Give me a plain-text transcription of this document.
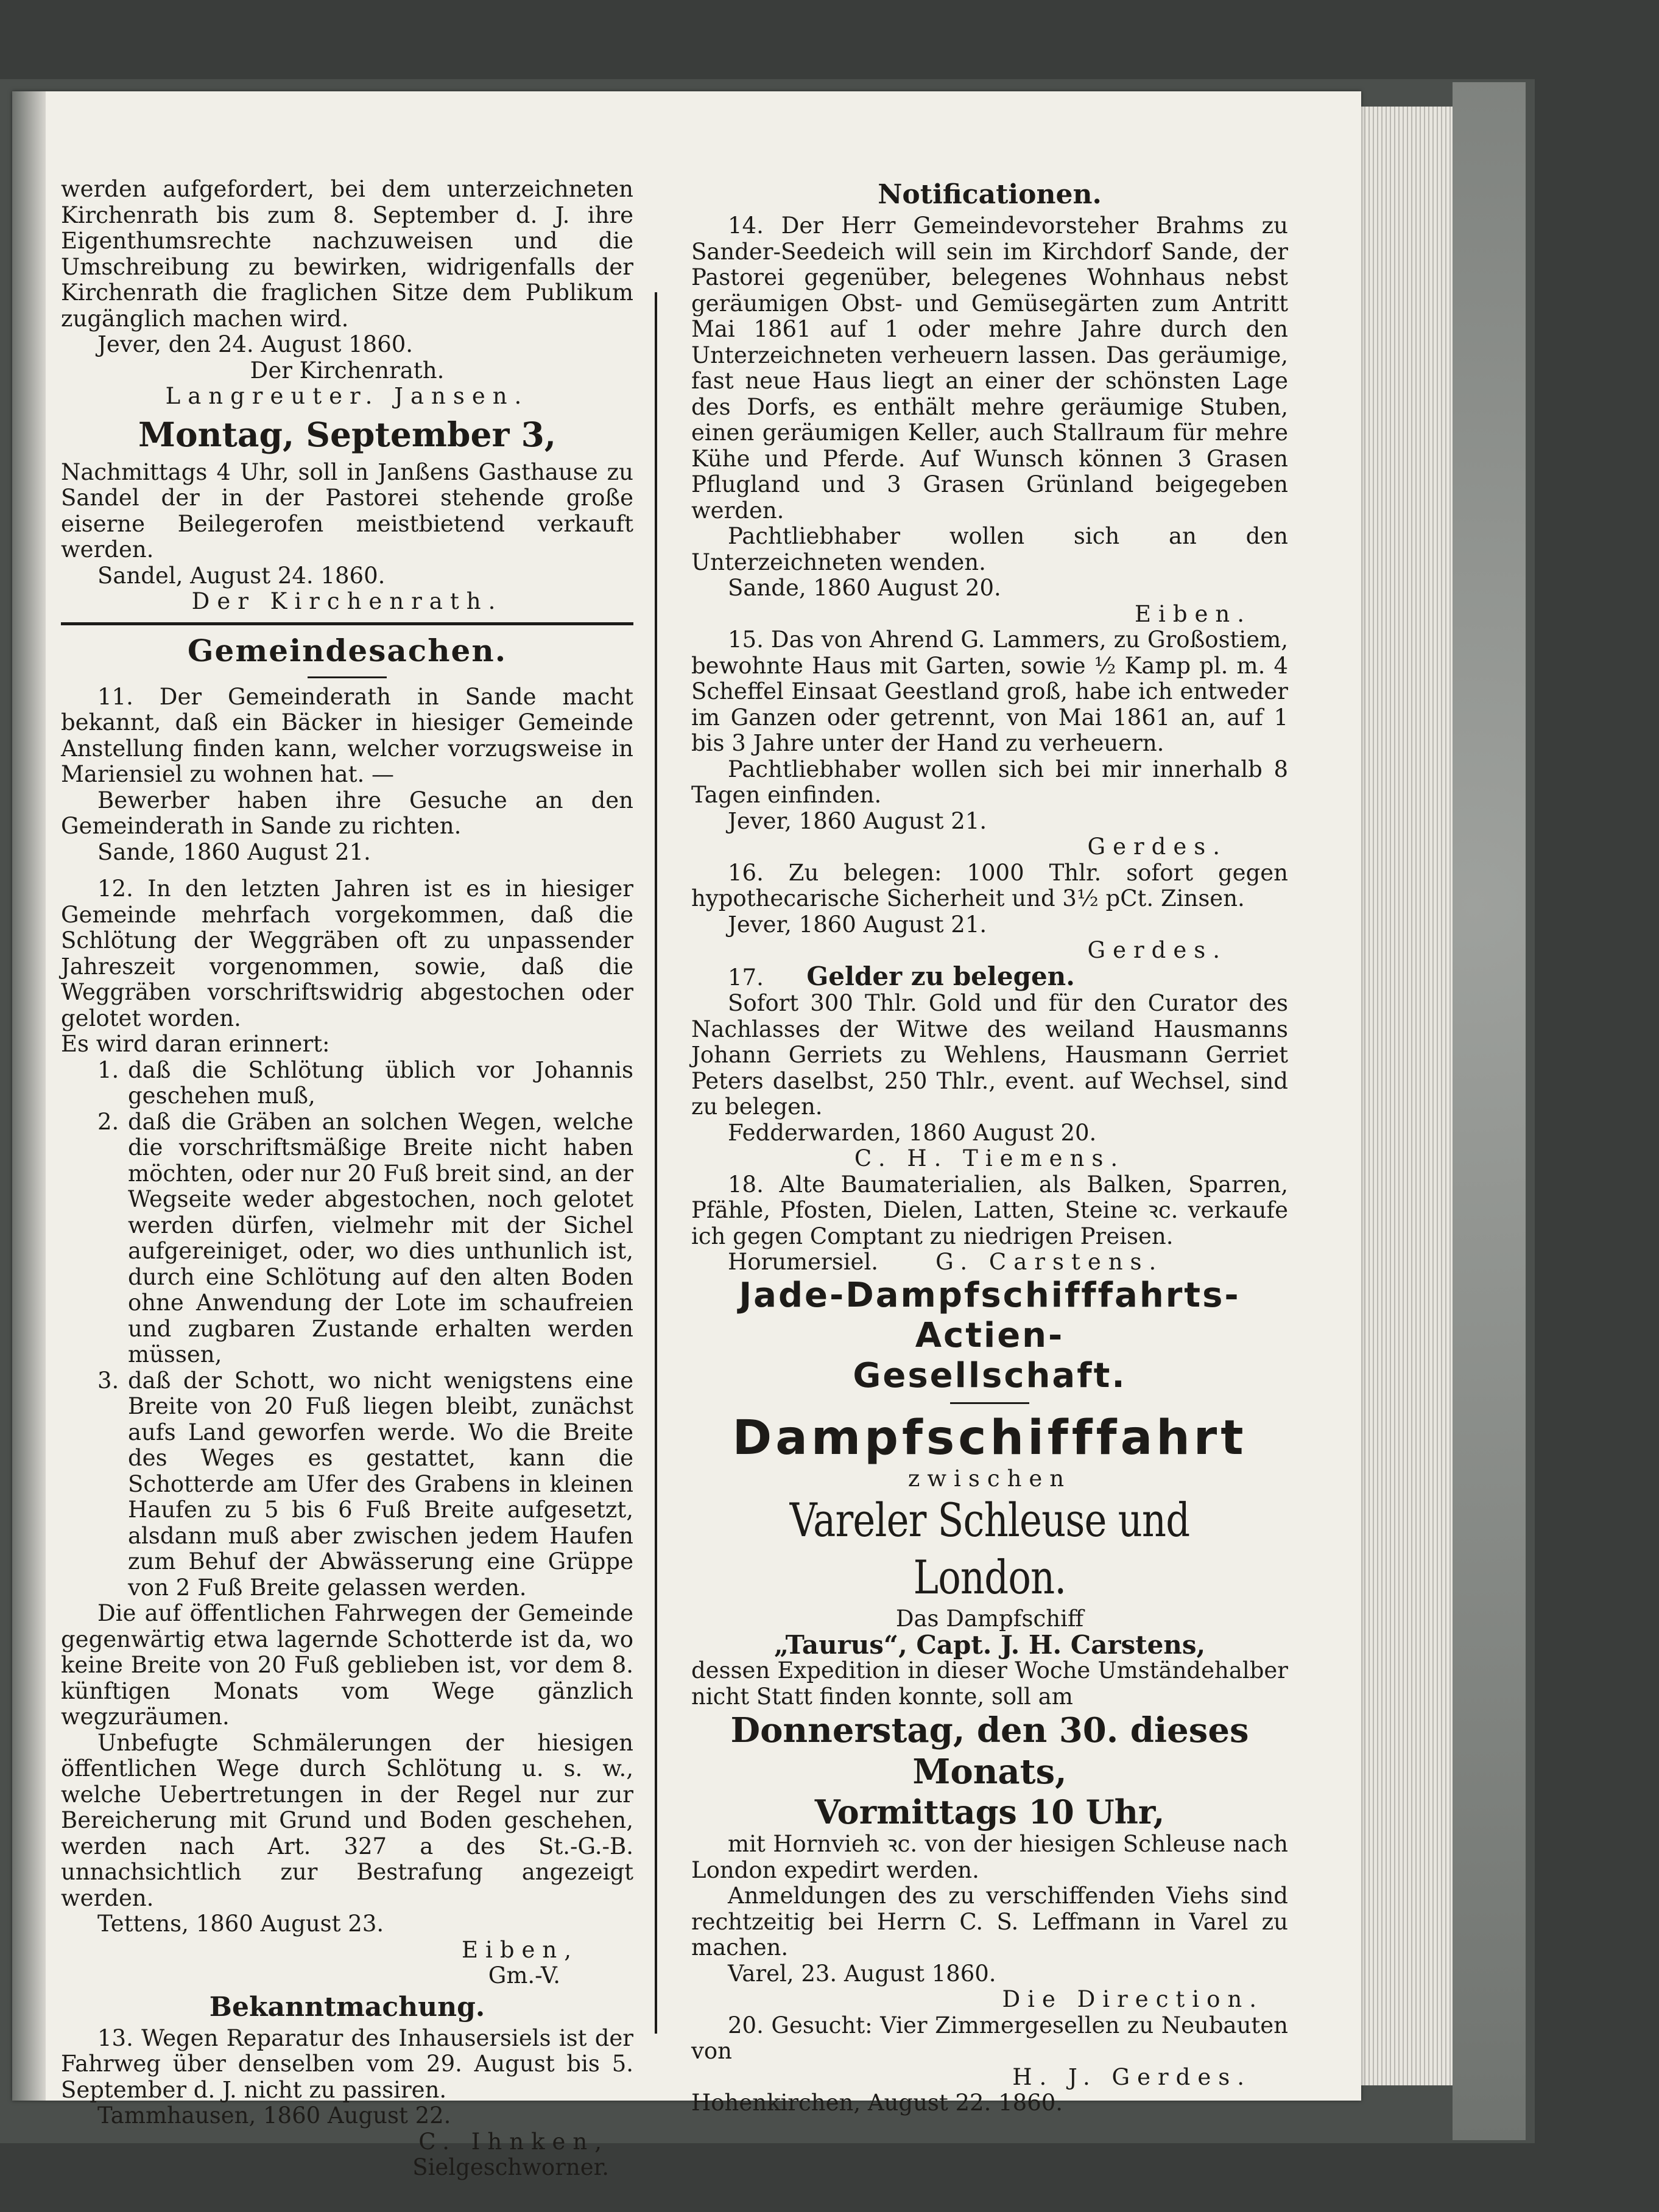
werden aufgefordert, bei dem unterzeichneten Kirchenrath bis zum 8. September d. J. ihre Eigenthumsrechte nachzuweisen und die Umschreibung zu bewirken, widrigenfalls der Kirchenrath die fraglichen Sitze dem Publikum zugänglich machen wird.

Jever, den 24. August 1860.

Der Kirchenrath.

Langreuter. Jansen.

Montag, September 3,

Nachmittags 4 Uhr, soll in Janßens Gasthause zu Sandel der in der Pastorei stehende große eiserne Beilegerofen meistbietend verkauft werden.

Sandel, August 24. 1860.

Der Kirchenrath.

Gemeindesachen.

11. Der Gemeinderath in Sande macht bekannt, daß ein Bäcker in hiesiger Gemeinde Anstellung finden kann, welcher vorzugsweise in Mariensiel zu wohnen hat. —

Bewerber haben ihre Gesuche an den Gemeinderath in Sande zu richten.

Sande, 1860 August 21.

12. In den letzten Jahren ist es in hiesiger Gemeinde mehrfach vorgekommen, daß die Schlötung der Weggräben oft zu unpassender Jahreszeit vorgenommen, sowie, daß die Weggräben vorschriftswidrig abgestochen oder gelotet worden.

Es wird daran erinnert:

1. daß die Schlötung üblich vor Johannis geschehen muß,
2. daß die Gräben an solchen Wegen, welche die vorschriftsmäßige Breite nicht haben möchten, oder nur 20 Fuß breit sind, an der Wegseite weder abgestochen, noch gelotet werden dürfen, vielmehr mit der Sichel aufgereiniget, oder, wo dies unthunlich ist, durch eine Schlötung auf den alten Boden ohne Anwendung der Lote im schaufreien und zugbaren Zustande erhalten werden müssen,
3. daß der Schott, wo nicht wenigstens eine Breite von 20 Fuß liegen bleibt, zunächst aufs Land geworfen werde. Wo die Breite des Weges es gestattet, kann die Schotterde am Ufer des Grabens in kleinen Haufen zu 5 bis 6 Fuß Breite aufgesetzt, alsdann muß aber zwischen jedem Haufen zum Behuf der Abwässerung eine Grüppe von 2 Fuß Breite gelassen werden.

Die auf öffentlichen Fahrwegen der Gemeinde gegenwärtig etwa lagernde Schotterde ist da, wo keine Breite von 20 Fuß geblieben ist, vor dem 8. künftigen Monats vom Wege gänzlich wegzuräumen.

Unbefugte Schmälerungen der hiesigen öffentlichen Wege durch Schlötung u. s. w., welche Uebertretungen in der Regel nur zur Bereicherung mit Grund und Boden geschehen, werden nach Art. 327 a des St.-G.-B. unnachsichtlich zur Bestrafung angezeigt werden.

Tettens, 1860 August 23.

Eiben,

Gm.-V.

Bekanntmachung.

13. Wegen Reparatur des Inhausersiels ist der Fahrweg über denselben vom 29. August bis 5. September d. J. nicht zu passiren.

Tammhausen, 1860 August 22.

C. Ihnken,

Sielgeschworner.

Notificationen.

14. Der Herr Gemeindevorsteher Brahms zu Sander-Seedeich will sein im Kirchdorf Sande, der Pastorei gegenüber, belegenes Wohnhaus nebst geräumigen Obst- und Gemüsegärten zum Antritt Mai 1861 auf 1 oder mehre Jahre durch den Unterzeichneten verheuern lassen. Das geräumige, fast neue Haus liegt an einer der schönsten Lage des Dorfs, es enthält mehre geräumige Stuben, einen geräumigen Keller, auch Stallraum für mehre Kühe und Pferde. Auf Wunsch können 3 Grasen Pflugland und 3 Grasen Grünland beigegeben werden.

Pachtliebhaber wollen sich an den Unterzeichneten wenden.

Sande, 1860 August 20.

Eiben.

15. Das von Ahrend G. Lammers, zu Großostiem, bewohnte Haus mit Garten, sowie ½ Kamp pl. m. 4 Scheffel Einsaat Geestland groß, habe ich entweder im Ganzen oder getrennt, von Mai 1861 an, auf 1 bis 3 Jahre unter der Hand zu verheuern.

Pachtliebhaber wollen sich bei mir innerhalb 8 Tagen einfinden.

Jever, 1860 August 21.

Gerdes.

16. Zu belegen: 1000 Thlr. sofort gegen hypothecarische Sicherheit und 3½ pCt. Zinsen.

Jever, 1860 August 21.

Gerdes.

17. Gelder zu belegen.

Sofort 300 Thlr. Gold und für den Curator des Nachlasses der Witwe des weiland Hausmanns Johann Gerriets zu Wehlens, Hausmann Gerriet Peters daselbst, 250 Thlr., event. auf Wechsel, sind zu belegen.

Fedderwarden, 1860 August 20.

C. H. Tiemens.

18. Alte Baumaterialien, als Balken, Sparren, Pfähle, Pfosten, Dielen, Latten, Steine ꝛc. verkaufe ich gegen Comptant zu niedrigen Preisen.

Horumersiel.	G. Carstens.

Jade-Dampfschifffahrts-Actien-

Gesellschaft.

Dampfschifffahrt

zwischen

Vareler Schleuse und London.

Das Dampfschiff

„Taurus“, Capt. J. H. Carstens,

dessen Expedition in dieser Woche Umständehalber nicht Statt finden konnte, soll am

Donnerstag, den 30. dieses Monats,

Vormittags 10 Uhr,

mit Hornvieh ꝛc. von der hiesigen Schleuse nach London expedirt werden.

Anmeldungen des zu verschiffenden Viehs sind rechtzeitig bei Herrn C. S. Leffmann in Varel zu machen.

Varel, 23. August 1860.

Die Direction.

20. Gesucht: Vier Zimmergesellen zu Neubauten von

H. J. Gerdes.

Hohenkirchen, August 22. 1860.
